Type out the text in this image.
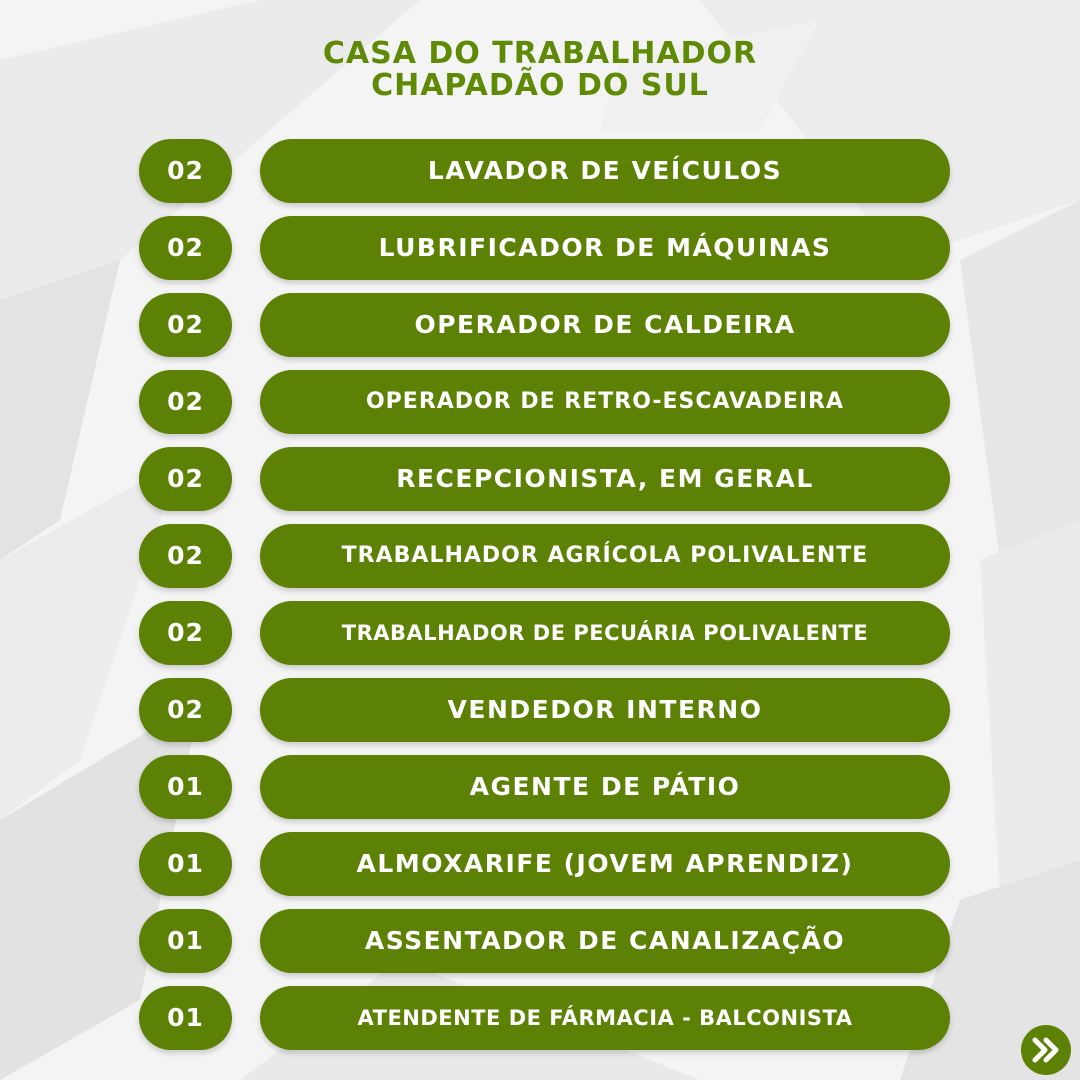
CASA DO TRABALHADOR
CHAPADÃO DO SUL
02	LAVADOR DE VEÍCULOS
02	LUBRIFICADOR DE MÁQUINAS
02	OPERADOR DE CALDEIRA
02	OPERADOR DE RETRO-ESCAVADEIRA
02	RECEPCIONISTA, EM GERAL
02	TRABALHADOR AGRÍCOLA POLIVALENTE
02	TRABALHADOR DE PECUÁRIA POLIVALENTE
02	VENDEDOR INTERNO
01	AGENTE DE PÁTIO
01	ALMOXARIFE (JOVEM APRENDIZ)
01	ASSENTADOR DE CANALIZAÇÃO
01	ATENDENTE DE FÁRMACIA - BALCONISTA
